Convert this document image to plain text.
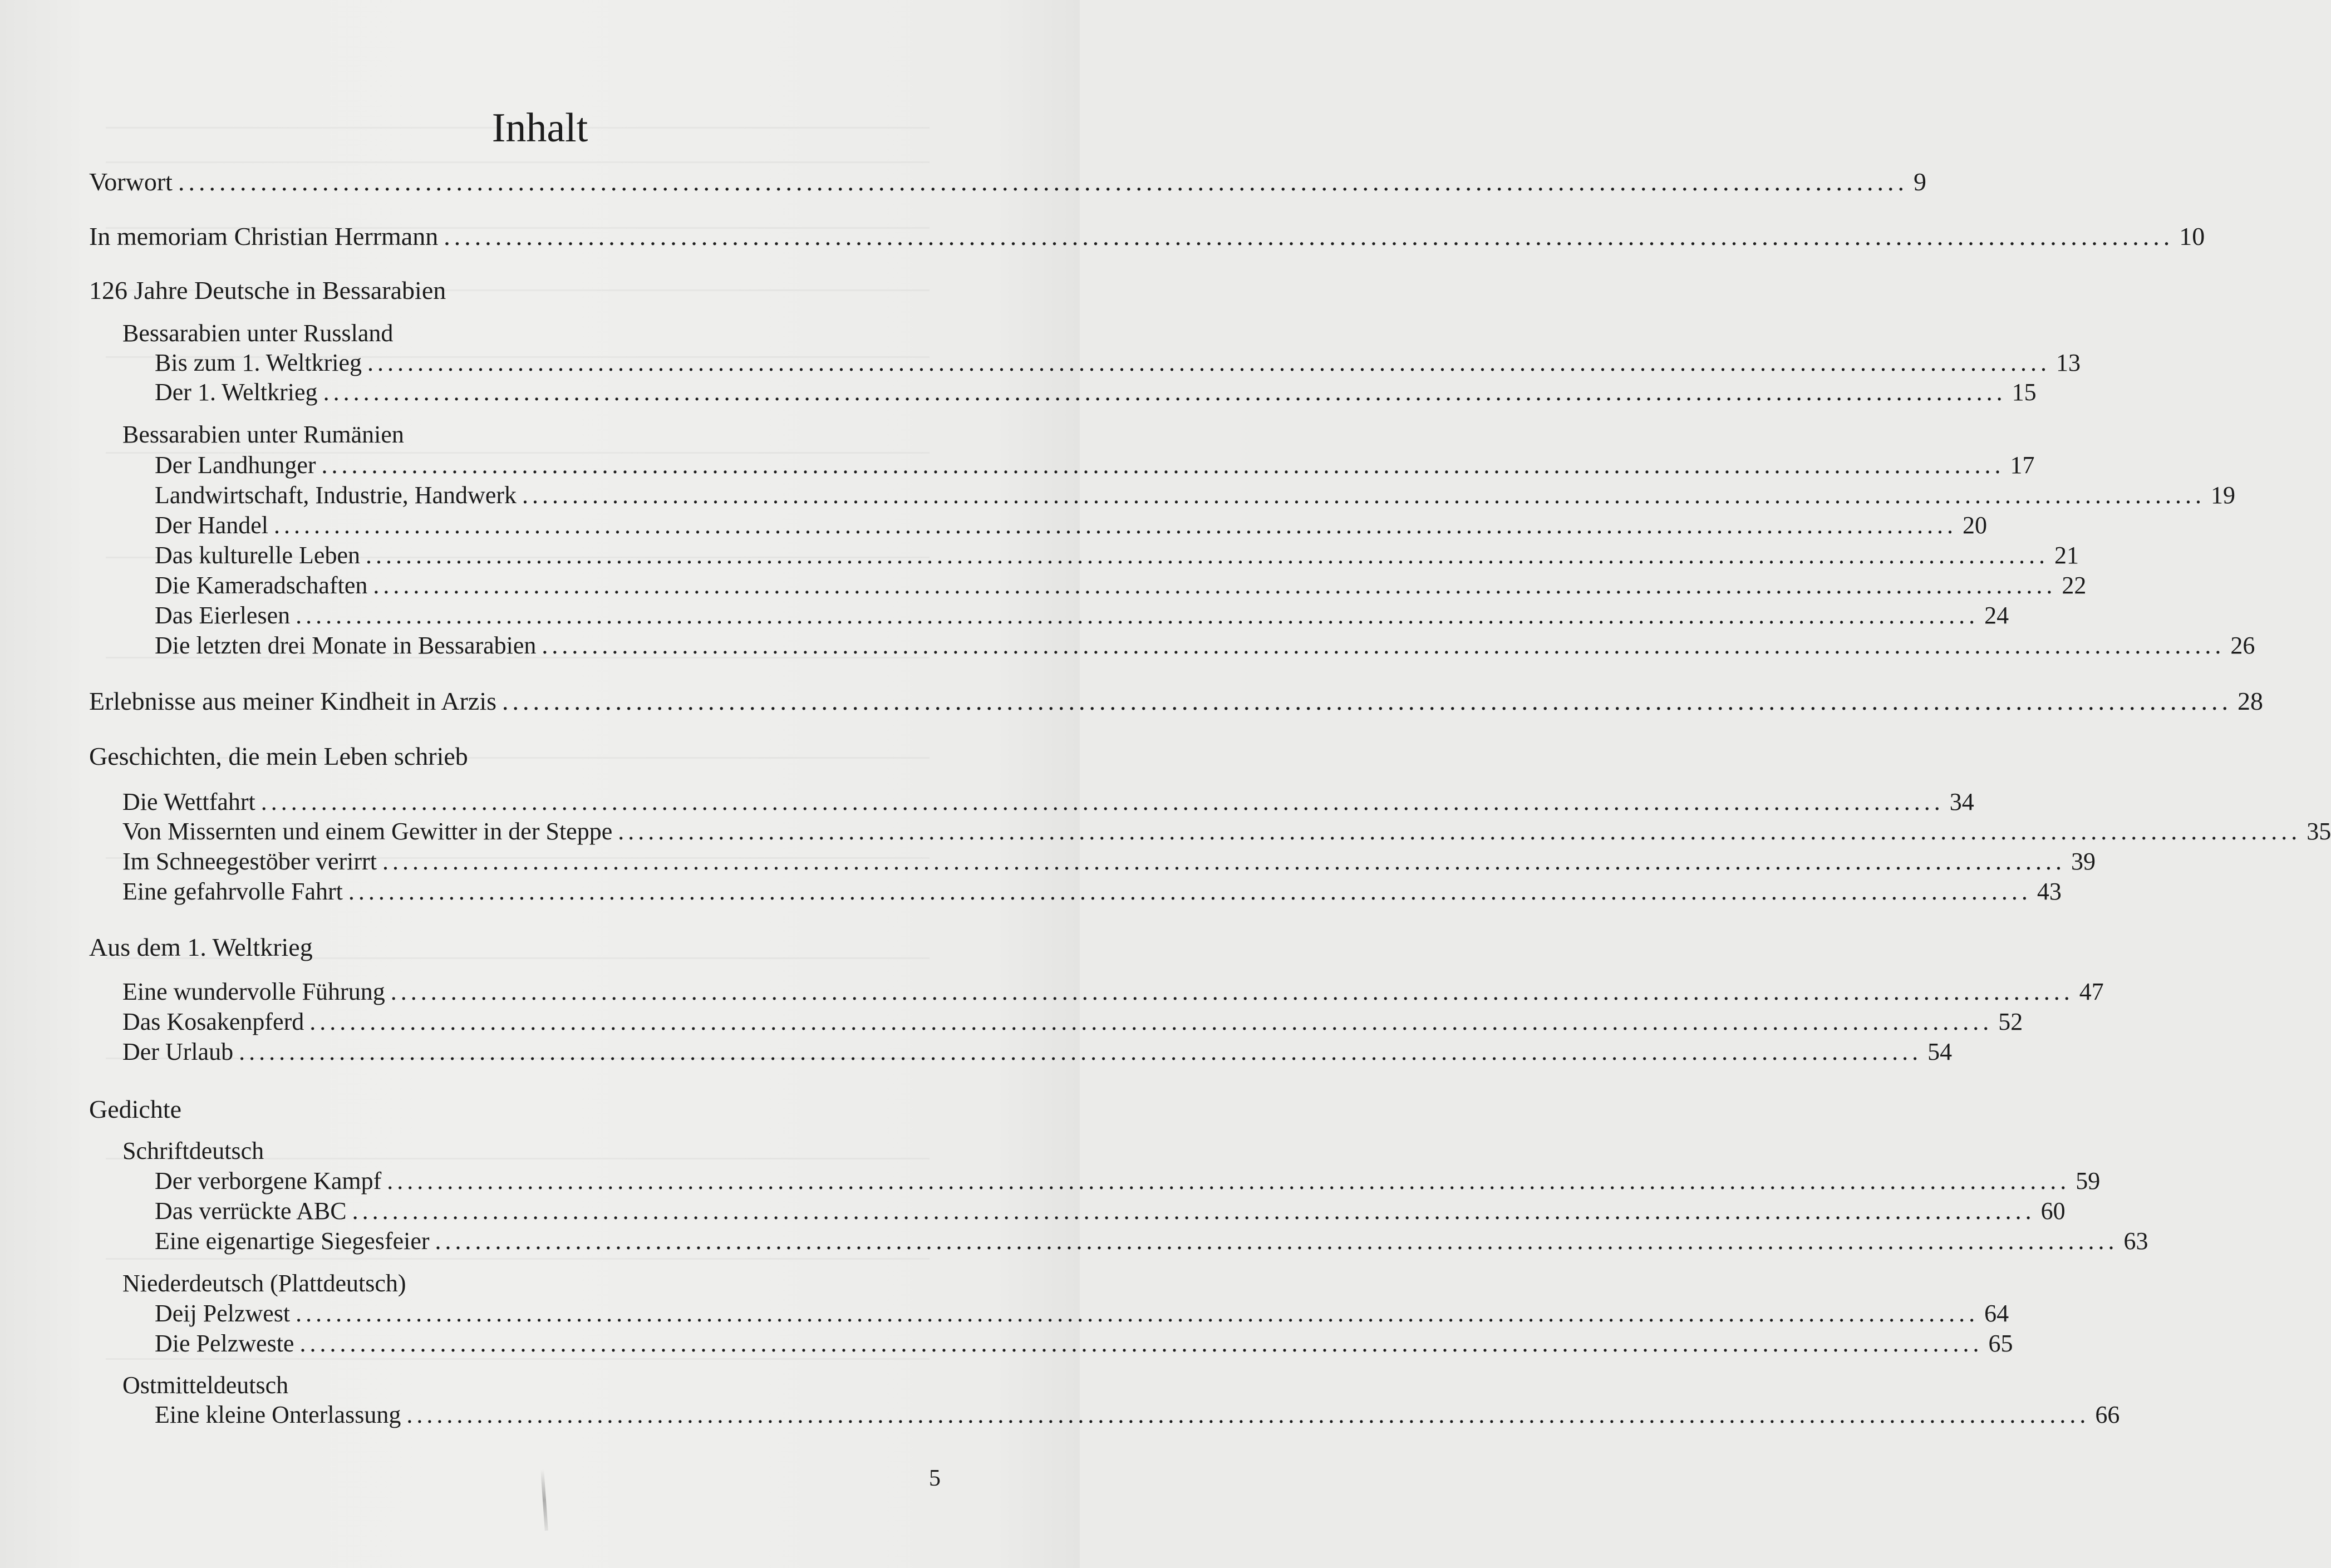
Inhalt
Vorwort ........................................................................................................................................................................ 9
In memoriam Christian Herrmann ........................................................................................................................................................................ 10
126 Jahre Deutsche in Bessarabien
Bessarabien unter Russland
Bis zum 1. Weltkrieg ........................................................................................................................................................................ 13
Der 1. Weltkrieg ........................................................................................................................................................................ 15
Bessarabien unter Rumänien
Der Landhunger ........................................................................................................................................................................ 17
Landwirtschaft, Industrie, Handwerk ........................................................................................................................................................................ 19
Der Handel ........................................................................................................................................................................ 20
Das kulturelle Leben ........................................................................................................................................................................ 21
Die Kameradschaften ........................................................................................................................................................................ 22
Das Eierlesen ........................................................................................................................................................................ 24
Die letzten drei Monate in Bessarabien ........................................................................................................................................................................ 26
Erlebnisse aus meiner Kindheit in Arzis ........................................................................................................................................................................ 28
Geschichten, die mein Leben schrieb
Die Wettfahrt ........................................................................................................................................................................ 34
Von Missernten und einem Gewitter in der Steppe ........................................................................................................................................................................ 35
Im Schneegestöber verirrt ........................................................................................................................................................................ 39
Eine gefahrvolle Fahrt ........................................................................................................................................................................ 43
Aus dem 1. Weltkrieg
Eine wundervolle Führung ........................................................................................................................................................................ 47
Das Kosakenpferd ........................................................................................................................................................................ 52
Der Urlaub ........................................................................................................................................................................ 54
Gedichte
Schriftdeutsch
Der verborgene Kampf ........................................................................................................................................................................ 59
Das verrückte ABC ........................................................................................................................................................................ 60
Eine eigenartige Siegesfeier ........................................................................................................................................................................ 63
Niederdeutsch (Plattdeutsch)
Deij Pelzwest ........................................................................................................................................................................ 64
Die Pelzweste ........................................................................................................................................................................ 65
Ostmitteldeutsch
Eine kleine Onterlassung ........................................................................................................................................................................ 66
5
